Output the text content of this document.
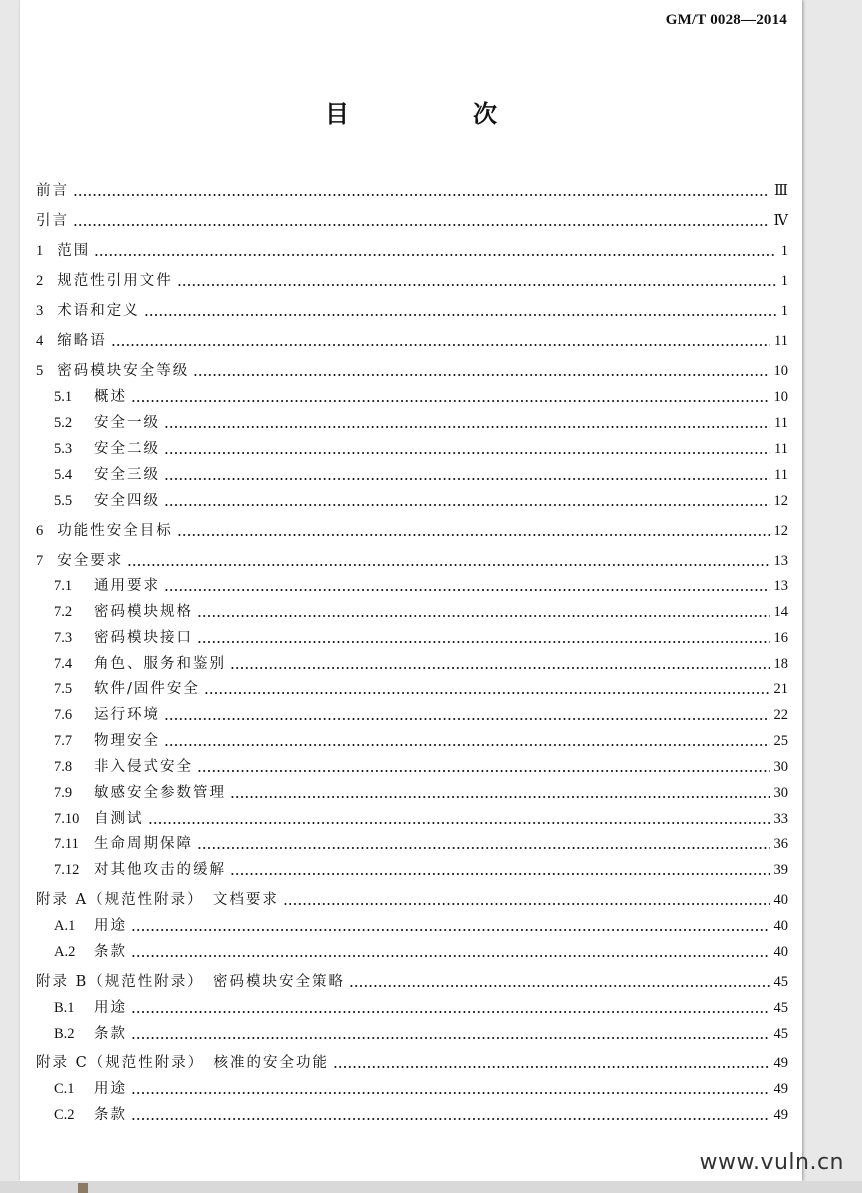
GM/T 0028—2014
目　次
前言	Ⅲ
引言	Ⅳ
1 范围	1
2 规范性引用文件	1
3 术语和定义	1
4 缩略语	11
5 密码模块安全等级	10
5.1	概述	10
5.2	安全一级	11
5.3	安全二级	11
5.4	安全三级	11
5.5	安全四级	12
6 功能性安全目标	12
7 安全要求	13
7.1	通用要求	13
7.2	密码模块规格	14
7.3	密码模块接口	16
7.4	角色、服务和鉴别	18
7.5	软件/固件安全	21
7.6	运行环境	22
7.7	物理安全	25
7.8	非入侵式安全	30
7.9	敏感安全参数管理	30
7.10 自测试	33
7.11 生命周期保障	36
7.12 对其他攻击的缓解	39
附录 A（规范性附录）　文档要求	40
A.1	用途	40
A.2	条款	40
附录 B（规范性附录）　密码模块安全策略	45
B.1	用途	45
B.2	条款	45
附录 C（规范性附录）　核准的安全功能	49
C.1	用途	49
C.2	条款	49
www.vuln.cn
